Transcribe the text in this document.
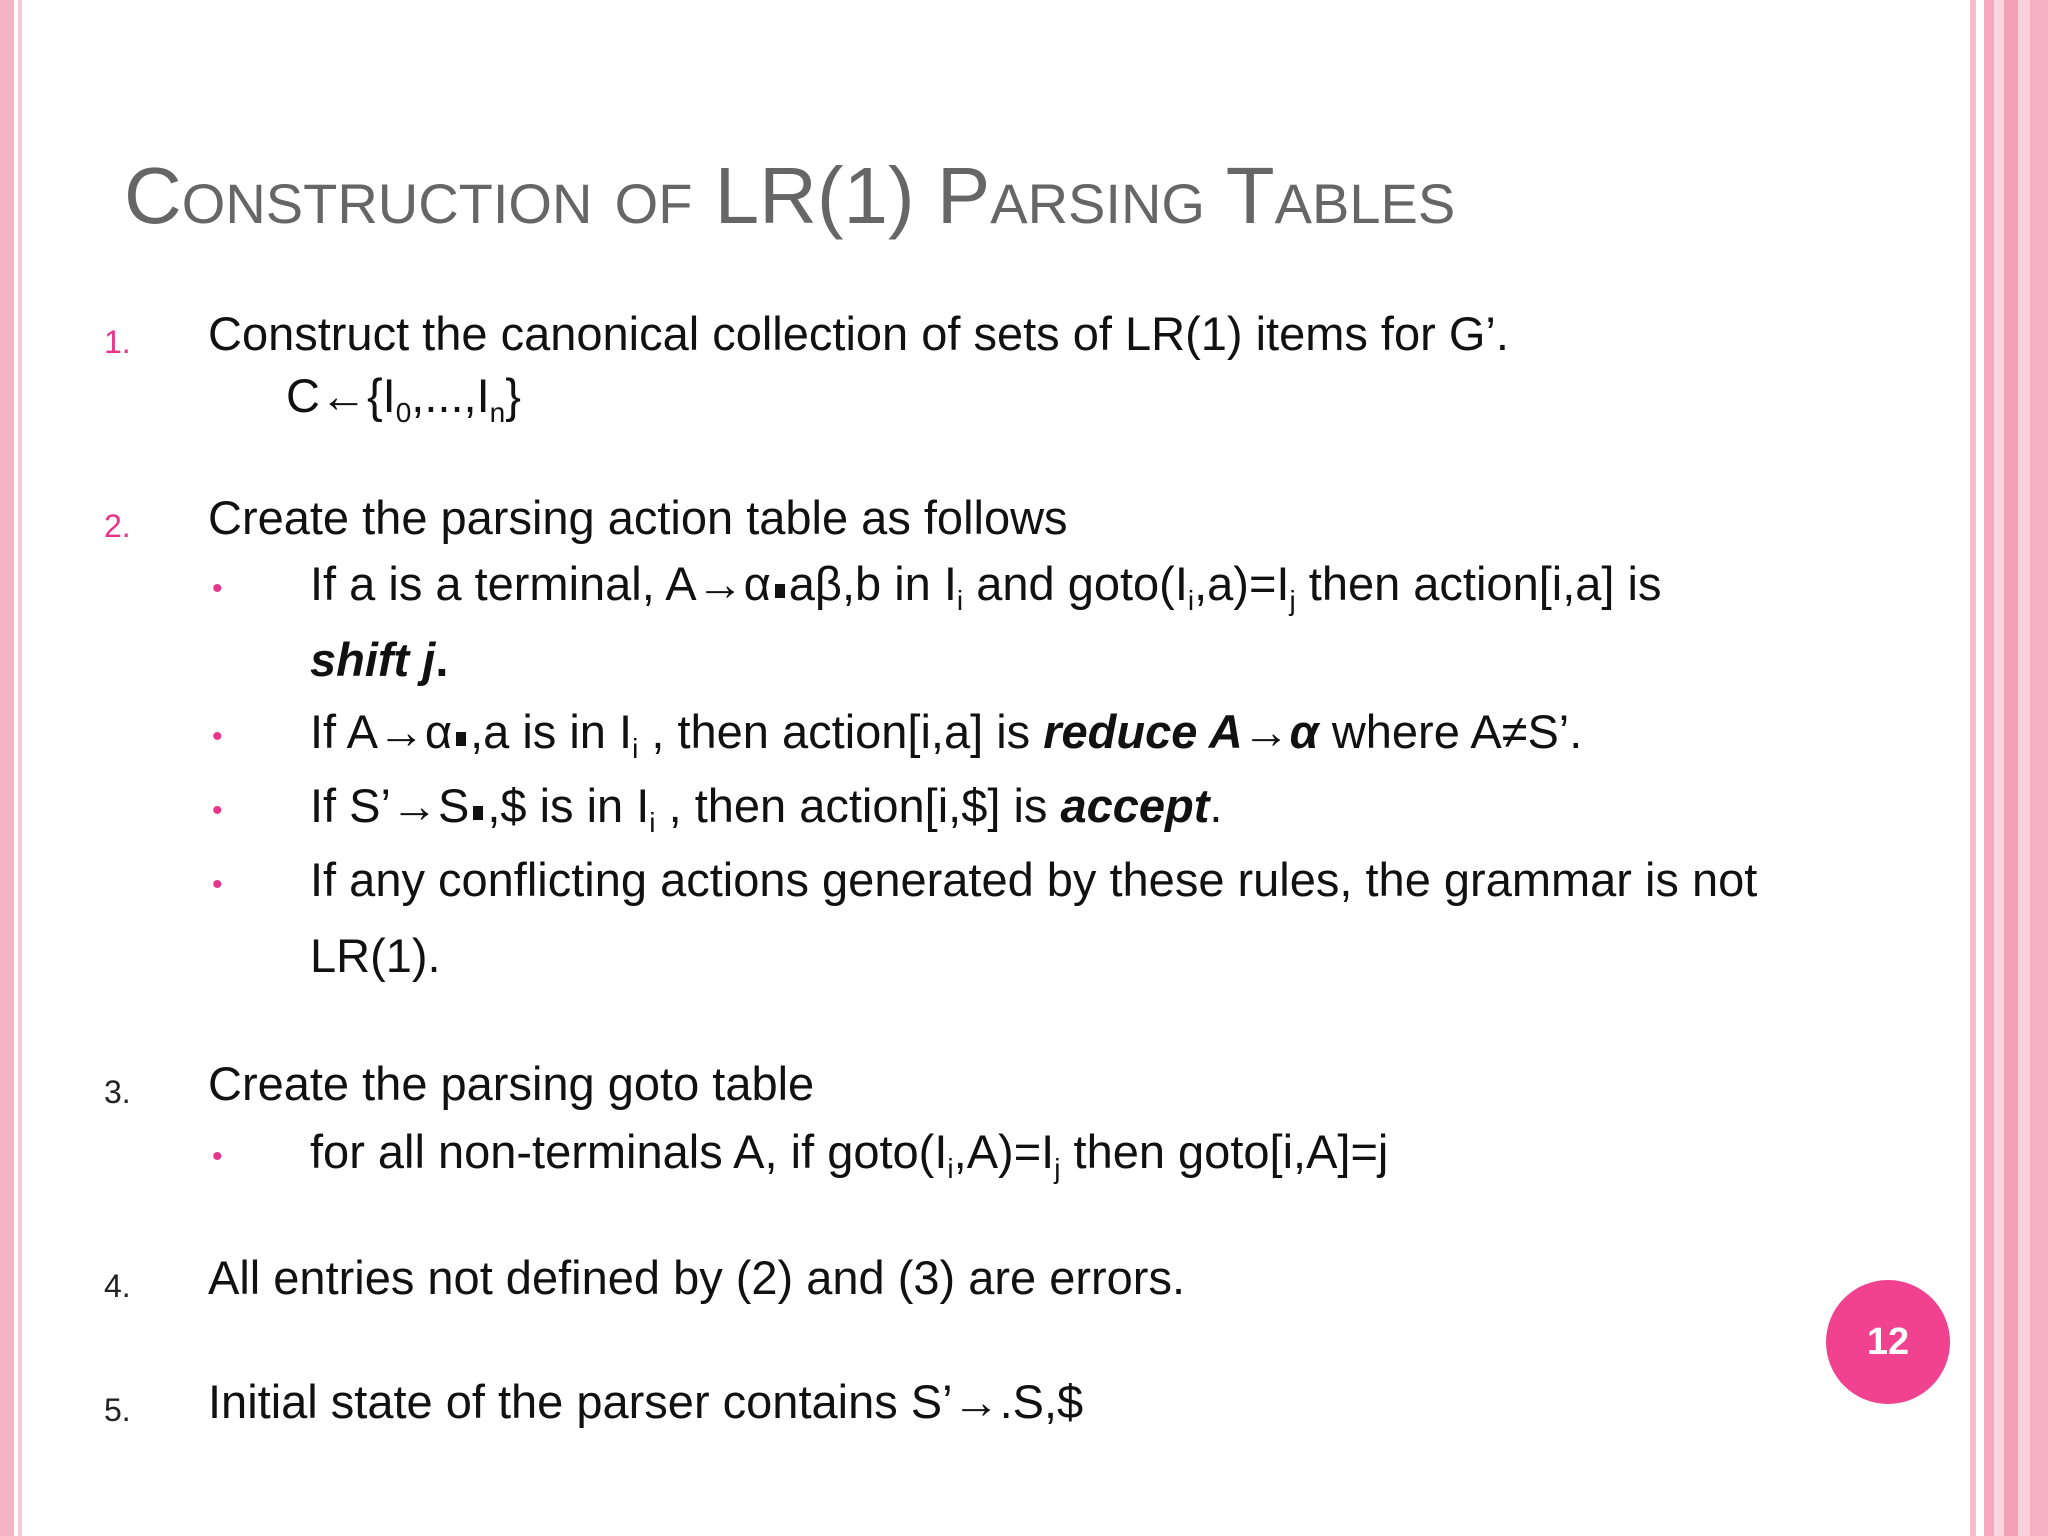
Construction of LR(1) Parsing Tables
1. Construct the canonical collection of sets of LR(1) items for G’.
$C\leftarrow\{I_0,...,I_n\}$
2. Create the parsing action table as follows
• If a is a terminal, A→α aβ,b in $I_i$ and $goto(I_i,a)=I_j$ then action[i,a] is
shift j.
• If A→α ,a is in $I_i$ , then action[i,a] is reduce A→α where A≠S’.
• If S’→S ,$ is in $I_i$ , then action[i,$] is accept.
• If any conflicting actions generated by these rules, the grammar is not
LR(1).
3. Create the parsing goto table
• for all non-terminals A, if $goto(I_i,A)=I_j$ then goto[i,A]=j
4. All entries not defined by (2) and (3) are errors.
5. Initial state of the parser contains S’→.S,$
12
